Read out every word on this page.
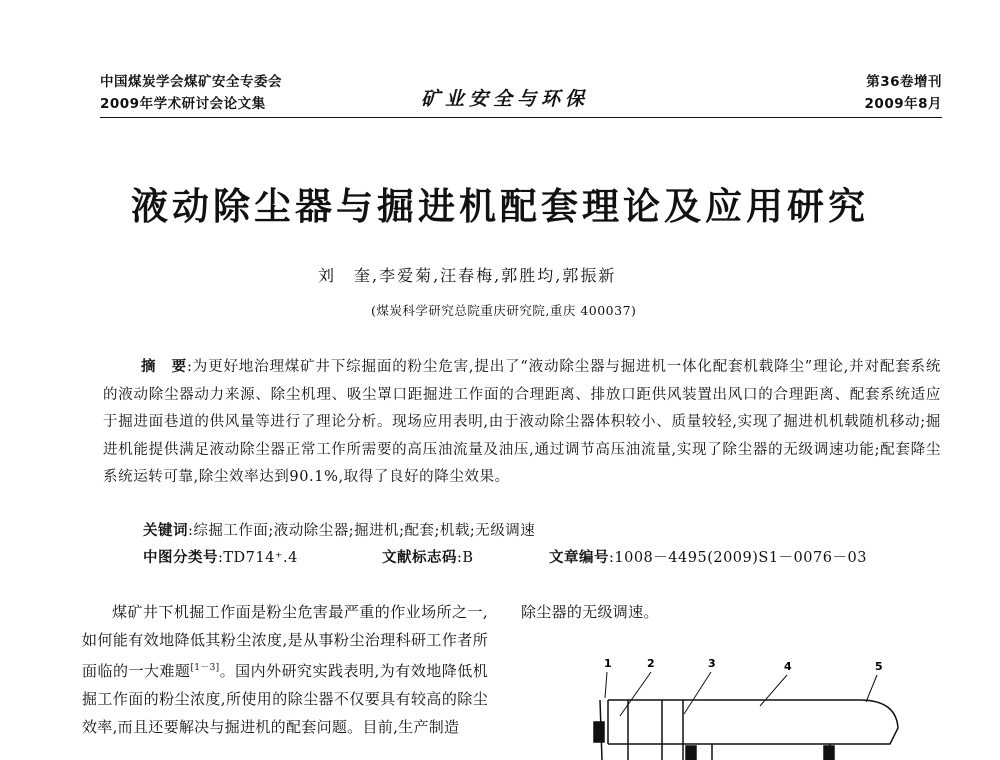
中国煤炭学会煤矿安全专委会
2009年学术研讨会论文集	矿业安全与环保
第36卷增刊
2009年8月
液动除尘器与掘进机配套理论及应用研究
刘　奎,李爱菊,汪春梅,郭胜均,郭振新
(煤炭科学研究总院重庆研究院,重庆 400037)
摘　要:为更好地治理煤矿井下综掘面的粉尘危害,提出了“液动除尘器与掘进机一体化配套机载降尘”理论,并对配套系统的液动除尘器动力来源、除尘机理、吸尘罩口距掘进工作面的合理距离、排放口距供风装置出风口的合理距离、配套系统适应于掘进面巷道的供风量等进行了理论分析。现场应用表明,由于液动除尘器体积较小、质量较轻,实现了掘进机机载随机移动;掘进机能提供满足液动除尘器正常工作所需要的高压油流量及油压,通过调节高压油流量,实现了除尘器的无级调速功能;配套降尘系统运转可靠,除尘效率达到90.1%,取得了良好的降尘效果。
关键词:综掘工作面;液动除尘器;掘进机;配套;机载;无级调速
中图分类号:TD714⁺.4	文献标志码:B	文章编号:1008－4495(2009)S1－0076－03
煤矿井下机掘工作面是粉尘危害最严重的作业场所之一,如何能有效地降低其粉尘浓度,是从事粉尘治理科研工作者所面临的一大难题[1－3]。国内外研究实践表明,为有效地降低机掘工作面的粉尘浓度,所使用的除尘器不仅要具有较高的除尘效率,而且还要解决与掘进机的配套问题。目前,生产制造
除尘器的无级调速。
1	2	3	4	5
